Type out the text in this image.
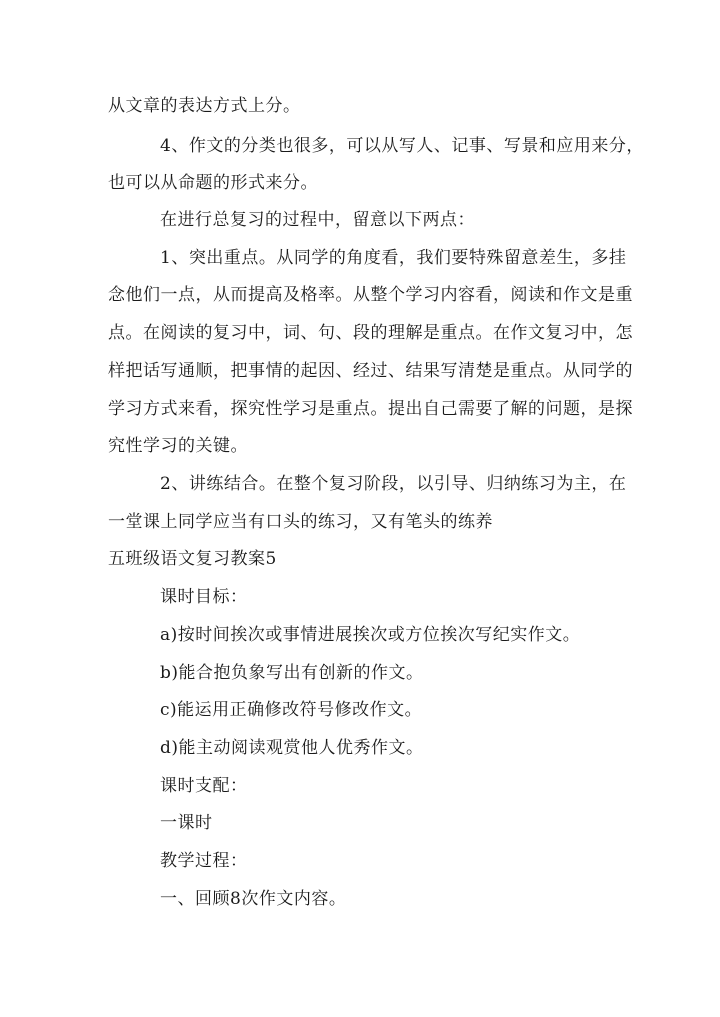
从文章的表达方式上分。
4、作文的分类也很多，可以从写人、记事、写景和应用来分，
也可以从命题的形式来分。
在进行总复习的过程中，留意以下两点：
1、突出重点。从同学的角度看，我们要特殊留意差生，多挂
念他们一点，从而提高及格率。从整个学习内容看，阅读和作文是重
点。在阅读的复习中，词、句、段的理解是重点。在作文复习中，怎
样把话写通顺，把事情的起因、经过、结果写清楚是重点。从同学的
学习方式来看，探究性学习是重点。提出自己需要了解的问题，是探
究性学习的关键。
2、讲练结合。在整个复习阶段，以引导、归纳练习为主，在
一堂课上同学应当有口头的练习，又有笔头的练养
五班级语文复习教案5
课时目标：
a)按时间挨次或事情进展挨次或方位挨次写纪实作文。
b)能合抱负象写出有创新的作文。
c)能运用正确修改符号修改作文。
d)能主动阅读观赏他人优秀作文。
课时支配：
一课时
教学过程：
一、回顾8次作文内容。
